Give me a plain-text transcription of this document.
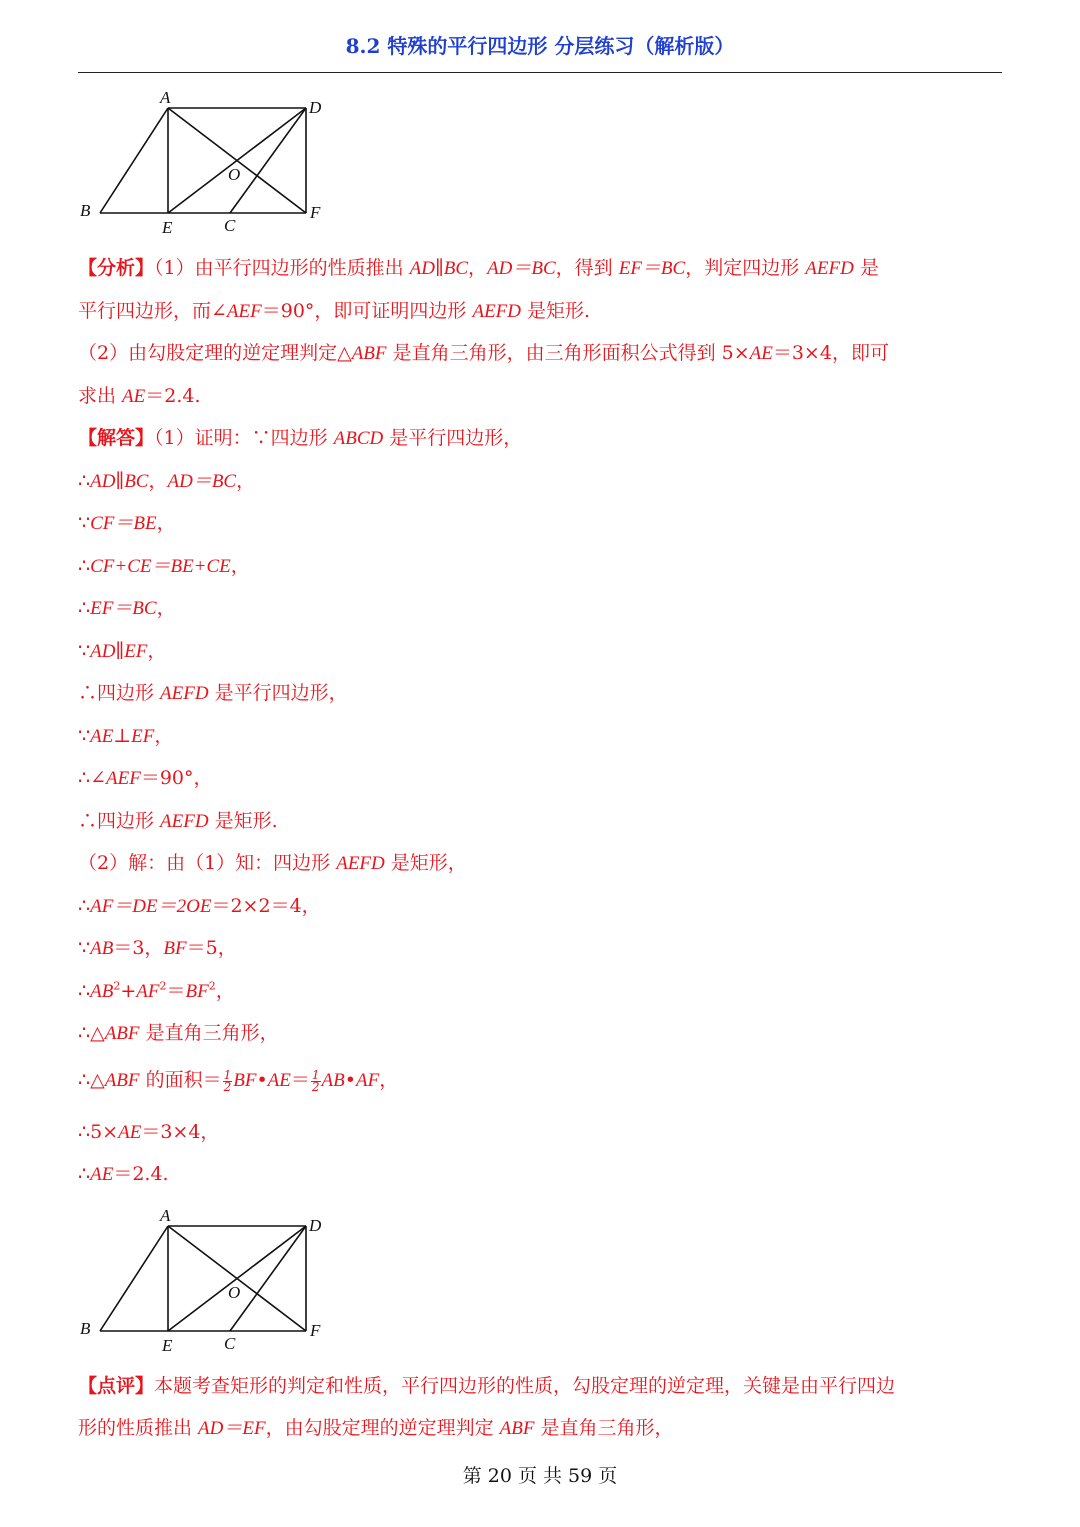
8.2 特殊的平行四边形 分层练习（解析版）
A
D
O
B	F
E	C
【分析】（1）由平行四边形的性质推出 AD∥BC，AD＝BC，得到 EF＝BC，判定四边形 AEFD 是
平行四边形，而∠AEF＝90°，即可证明四边形 AEFD 是矩形.
（2）由勾股定理的逆定理判定△ABF 是直角三角形，由三角形面积公式得到 5×AE＝3×4，即可
求出 AE＝2.4.
【解答】（1）证明：∵四边形 ABCD 是平行四边形，
∴AD∥BC，AD＝BC，
∵CF＝BE，
∴CF+CE＝BE+CE，
∴EF＝BC，
∵AD∥EF，
∴四边形 AEFD 是平行四边形，
∵AE⊥EF，
∴∠AEF＝90°，
∴四边形 AEFD 是矩形.
（2）解：由（1）知：四边形 AEFD 是矩形，
∴AF＝DE＝2OE＝2×2＝4，
∵AB＝3，BF＝5，
$\therefore AB^2+AF^2=BF^2$，
∴△ABF 是直角三角形，
∴△ABF 的面积＝ $\frac{1}{2}$ BF•AE＝ $\frac{1}{2}$ AB•AF，
∴5×AE＝3×4，
∴AE＝2.4.
A
D
O
B	F
E	C
【点评】本题考查矩形的判定和性质，平行四边形的性质，勾股定理的逆定理，关键是由平行四边
形的性质推出 AD＝EF，由勾股定理的逆定理判定 ABF 是直角三角形，
第 20 页 共 59 页
